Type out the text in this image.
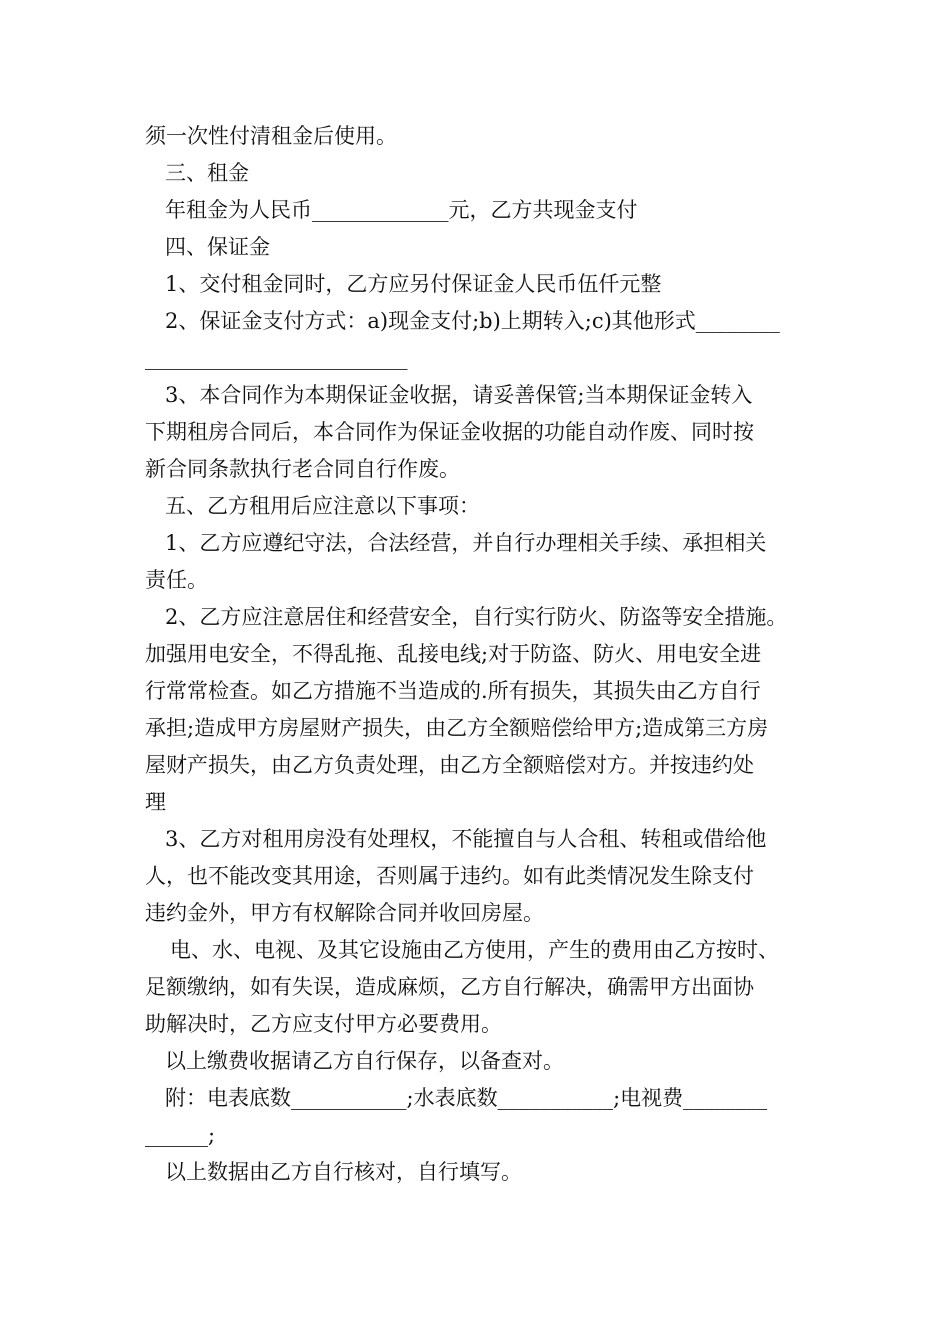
须一次性付清租金后使用。
三、租金
年租金为人民币_____________元，乙方共现金支付
四、保证金
1、交付租金同时，乙方应另付保证金人民币伍仟元整
2、保证金支付方式：a)现金支付;b)上期转入;c)其他形式________
_________________________
3、本合同作为本期保证金收据，请妥善保管;当本期保证金转入
下期租房合同后，本合同作为保证金收据的功能自动作废、同时按
新合同条款执行老合同自行作废。
五、乙方租用后应注意以下事项：
1、乙方应遵纪守法，合法经营，并自行办理相关手续、承担相关
责任。
2、乙方应注意居住和经营安全，自行实行防火、防盗等安全措施。
加强用电安全，不得乱拖、乱接电线;对于防盗、防火、用电安全进
行常常检查。如乙方措施不当造成的.所有损失，其损失由乙方自行
承担;造成甲方房屋财产损失，由乙方全额赔偿给甲方;造成第三方房
屋财产损失，由乙方负责处理，由乙方全额赔偿对方。并按违约处
理
3、乙方对租用房没有处理权，不能擅自与人合租、转租或借给他
人，也不能改变其用途，否则属于违约。如有此类情况发生除支付
违约金外，甲方有权解除合同并收回房屋。
电、水、电视、及其它设施由乙方使用，产生的费用由乙方按时、
足额缴纳，如有失误，造成麻烦，乙方自行解决，确需甲方出面协
助解决时，乙方应支付甲方必要费用。
以上缴费收据请乙方自行保存，以备查对。
附：电表底数___________;水表底数___________;电视费________
______;
以上数据由乙方自行核对，自行填写。
